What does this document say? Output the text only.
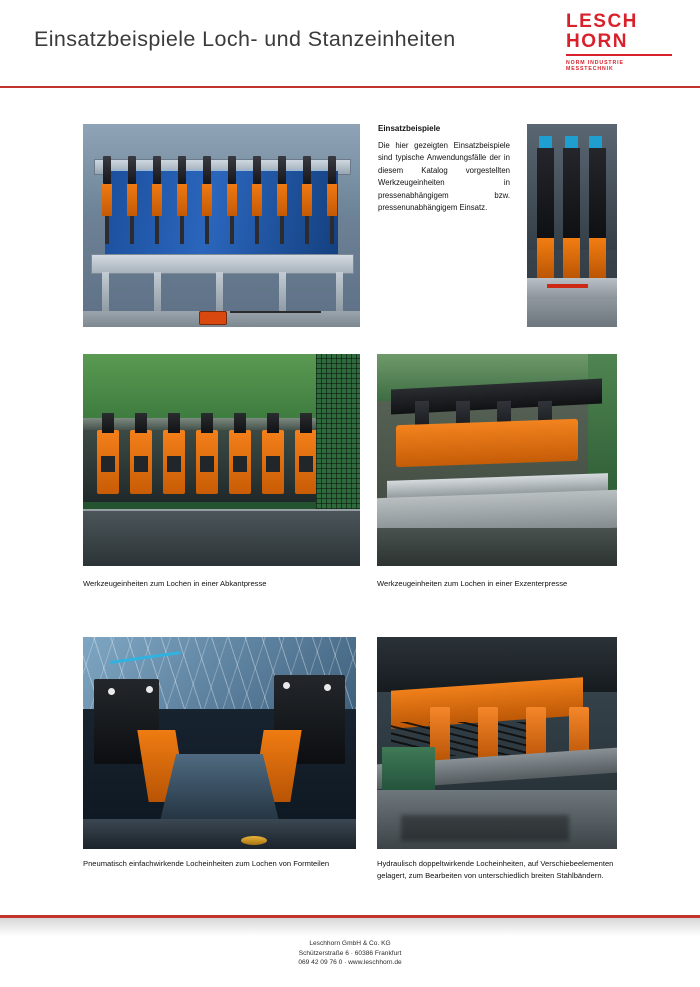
Einsatzbeispiele Loch- und Stanzeinheiten
LESCH
HORN
NORM INDUSTRIE MESSTECHNIK
Einsatzbeispiele

Die hier gezeigten Einsatzbeispiele sind typische Anwendungsfälle der in diesem Katalog vorgestellten Werkzeugeinheiten in pressenabhängigem bzw. pressenunabhängigem Einsatz.

Werkzeugeinheiten zum Lochen in einer Abkantpresse	Werkzeugeinheiten zum Lochen in einer Exzenterpresse
Pneumatisch einfachwirkende Locheinheiten zum Lochen von Formteilen	Hydraulisch doppeltwirkende Locheinheiten, auf Verschiebeelementen gelagert, zum Bearbeiten von unterschiedlich breiten Stahlbändern.
Leschhorn GmbH & Co. KG
Schützerstraße 6 · 60386 Frankfurt
069 42 09 76 0 · www.leschhorn.de
